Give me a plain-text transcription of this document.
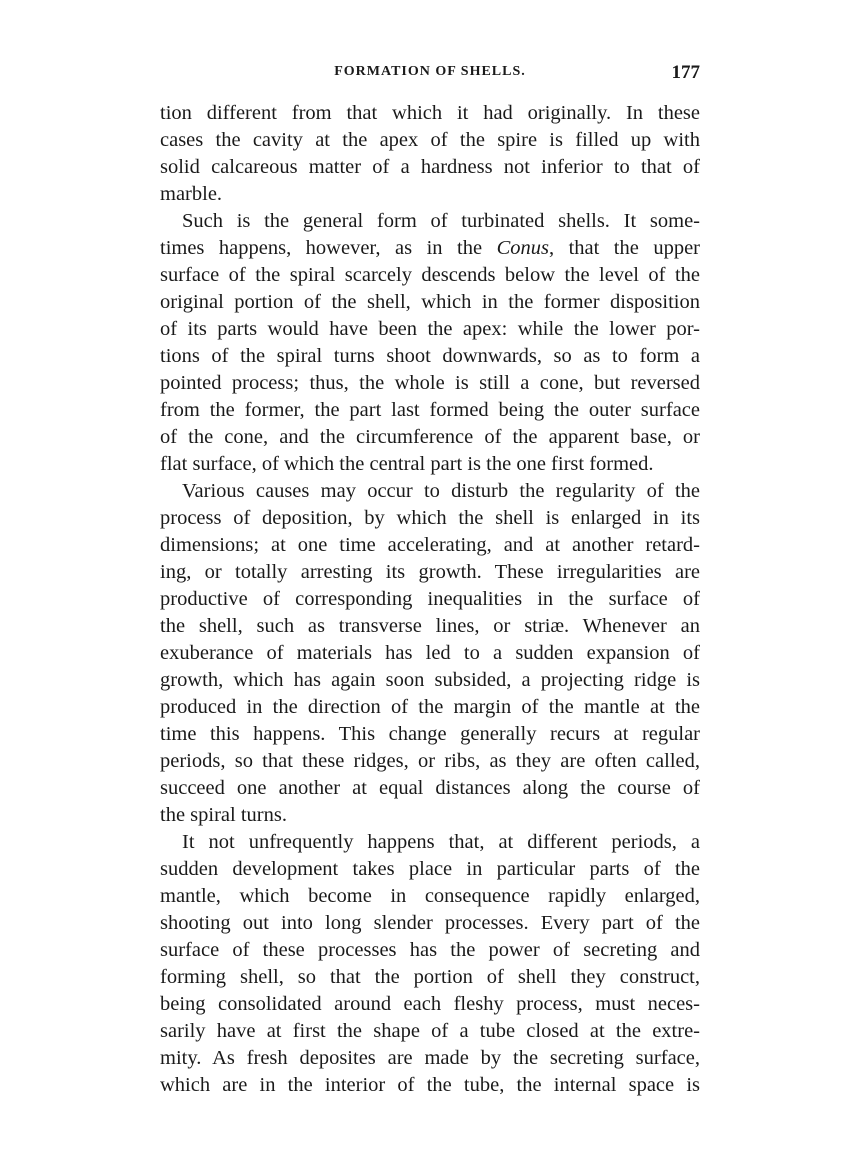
FORMATION OF SHELLS.	177
tion different from that which it had originally. In these
cases the cavity at the apex of the spire is filled up with
solid calcareous matter of a hardness not inferior to that of
marble.
Such is the general form of turbinated shells. It some-
times happens, however, as in the Conus, that the upper
surface of the spiral scarcely descends below the level of the
original portion of the shell, which in the former disposition
of its parts would have been the apex: while the lower por-
tions of the spiral turns shoot downwards, so as to form a
pointed process; thus, the whole is still a cone, but reversed
from the former, the part last formed being the outer surface
of the cone, and the circumference of the apparent base, or
flat surface, of which the central part is the one first formed.
Various causes may occur to disturb the regularity of the
process of deposition, by which the shell is enlarged in its
dimensions; at one time accelerating, and at another retard-
ing, or totally arresting its growth. These irregularities are
productive of corresponding inequalities in the surface of
the shell, such as transverse lines, or striæ. Whenever an
exuberance of materials has led to a sudden expansion of
growth, which has again soon subsided, a projecting ridge is
produced in the direction of the margin of the mantle at the
time this happens. This change generally recurs at regular
periods, so that these ridges, or ribs, as they are often called,
succeed one another at equal distances along the course of
the spiral turns.
It not unfrequently happens that, at different periods, a
sudden development takes place in particular parts of the
mantle, which become in consequence rapidly enlarged,
shooting out into long slender processes. Every part of the
surface of these processes has the power of secreting and
forming shell, so that the portion of shell they construct,
being consolidated around each fleshy process, must neces-
sarily have at first the shape of a tube closed at the extre-
mity. As fresh deposites are made by the secreting surface,
which are in the interior of the tube, the internal space is
